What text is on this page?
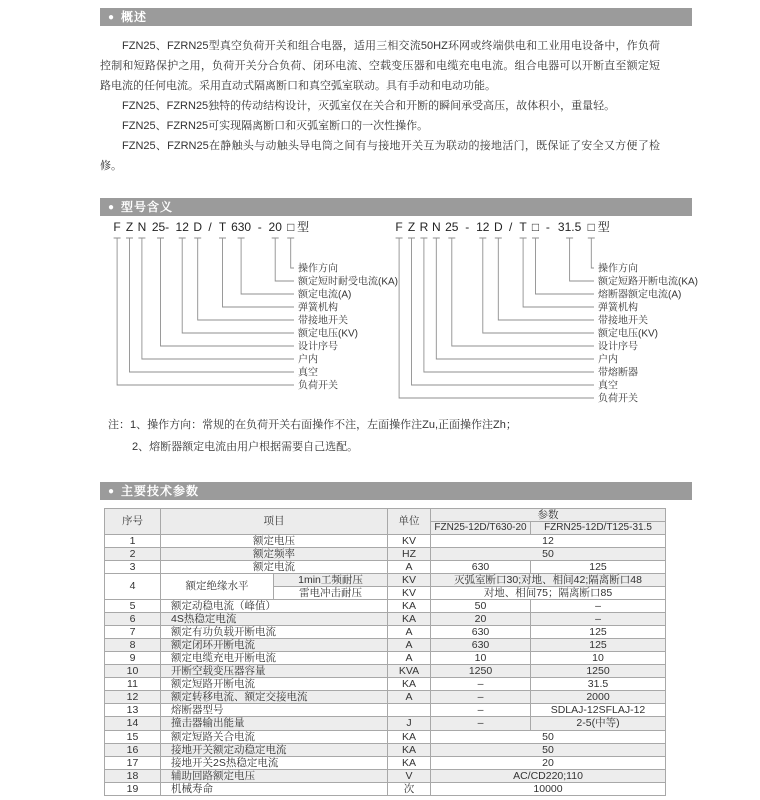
● 概述

FZN25、FZRN25型真空负荷开关和组合电器，适用三相交流50HZ环网或终端供电和工业用电设备中，作负荷控制和短路保护之用，负荷开关分合负荷、闭环电流、空载变压器和电缆充电电流。组合电器可以开断直至额定短路电流的任何电流。采用直动式隔离断口和真空弧室联动。具有手动和电动功能。

FZN25、FZRN25独特的传动结构设计，灭弧室仅在关合和开断的瞬间承受高压，故体积小，重量轻。

FZN25、FZRN25可实现隔离断口和灭弧室断口的一次性操作。

FZN25、FZRN25在静触头与动触头导电筒之间有与接地开关互为联动的接地活门，既保证了安全又方便了检修。

● 型号含义
F Z N 25- 12 D / T 630 - 20 □ 型
操作方向
额定短时耐受电流(KA)
额定电流(A)
弹簧机构
带接地开关
额定电压(KV)
设计序号
户内
真空
负荷开关
F Z R N 25 - 12 D / T □ - 31.5 □ 型
操作方向
额定短路开断电流(KA)
熔断器额定电流(A)
弹簧机构
带接地开关
额定电压(KV)
设计序号
户内
带熔断器
真空
负荷开关
注：1、操作方向：常规的在负荷开关右面操作不注，左面操作注Zu,正面操作注Zh；
2、熔断器额定电流由用户根据需要自己选配。
● 主要技术参数
序号	项目		单位	参数	
				FZN25-12D/T630-20	FZRN25-12D/T125-31.5
1	额定电压		KV	12	
2	额定频率		HZ	50	
3	额定电流		A	630	125
4	额定绝缘水平	1min工频耐压	KV	灭弧室断口30;对地、相间42;隔离断口48	
		雷电冲击耐压	KV	对地、相间75；隔离断口85	
5	额定动稳电流（峰值）		KA	50	–
6	4S热稳定电流		KA	20	–
7	额定有功负载开断电流		A	630	125
8	额定闭环开断电流		A	630	125
9	额定电缆充电开断电流		A	10	10
10	开断空载变压器容量		KVA	1250	1250
11	额定短路开断电流		KA	–	31.5
12	额定转移电流、额定交接电流		A	–	2000
13	熔断器型号			–	SDLAJ-12SFLAJ-12
14	撞击器输出能量		J	–	2-5(中等)
15	额定短路关合电流		KA	50	
16	接地开关额定动稳定电流		KA	50	
17	接地开关2S热稳定电流		KA	20	
18	辅助回路额定电压		V	AC/CD220;110	
19	机械寿命		次	10000	
